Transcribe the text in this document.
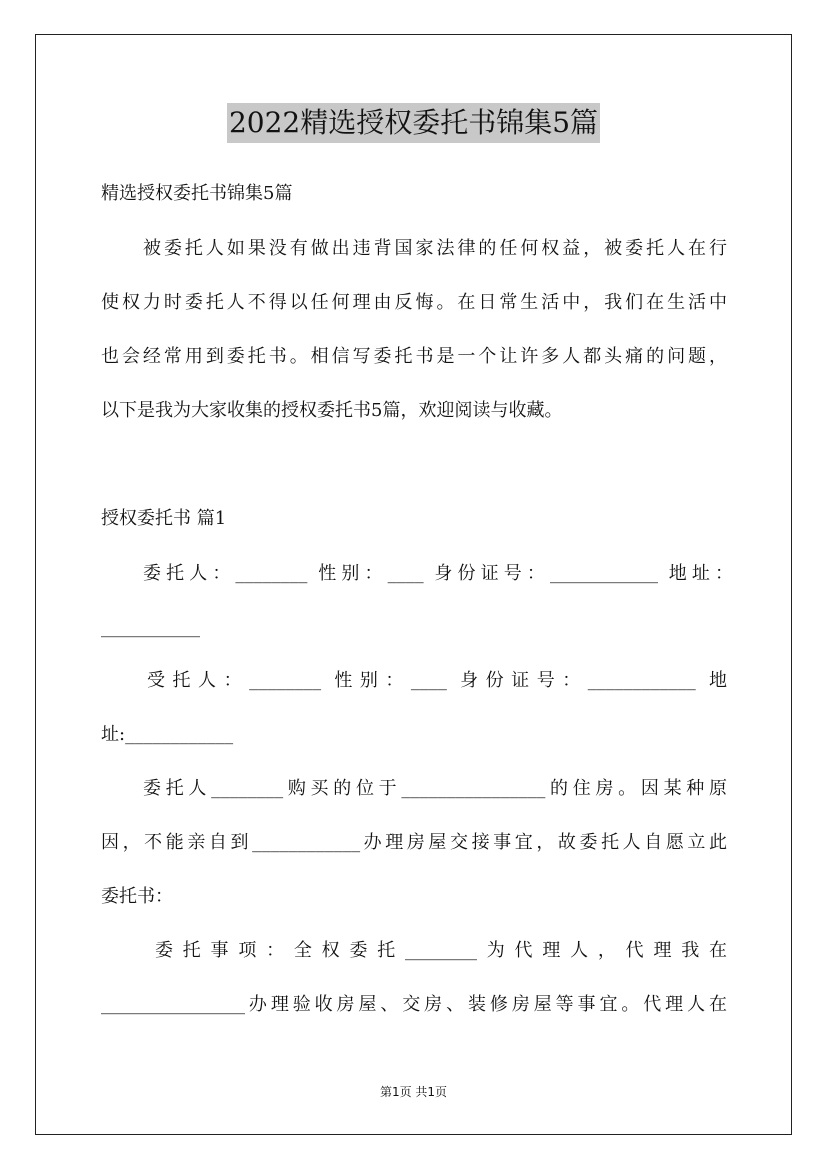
2022精选授权委托书锦集5篇
精选授权委托书锦集5篇
被委托人如果没有做出违背国家法律的任何权益，被委托人在行
使权力时委托人不得以任何理由反悔。在日常生活中，我们在生活中
也会经常用到委托书。相信写委托书是一个让许多人都头痛的问题，
以下是我为大家收集的授权委托书5篇，欢迎阅读与收藏。
授权委托书 篇1
委托人：________ 性别：____ 身份证号：____________ 地址：
___________
受托人：________ 性别：____ 身份证号：____________ 地
址:____________
委托人________购买的位于________________的住房。因某种原
因，不能亲自到____________办理房屋交接事宜，故委托人自愿立此
委托书：
委托事项：全权委托________为代理人，代理我在
________________办理验收房屋、交房、装修房屋等事宜。代理人在
第1页 共1页
